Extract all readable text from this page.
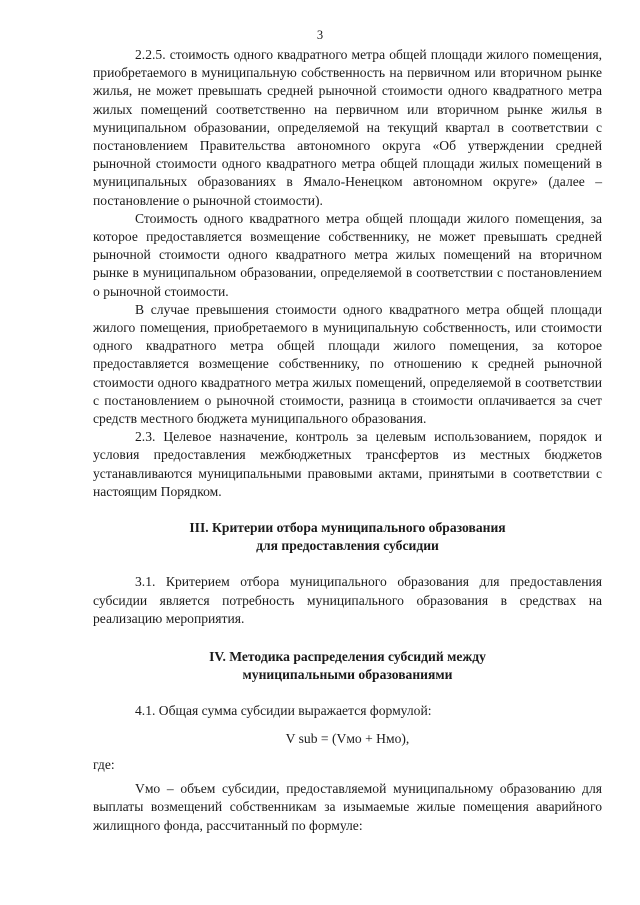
3

2.2.5. стоимость одного квадратного метра общей площади жилого помещения, приобретаемого в муниципальную собственность на первичном или вторичном рынке жилья, не может превышать средней рыночной стоимости одного квадратного метра жилых помещений соответственно на первичном или вторичном рынке жилья в муниципальном образовании, определяемой на текущий квартал в соответствии с постановлением Правительства автономного округа «Об утверждении средней рыночной стоимости одного квадратного метра общей площади жилых помещений в муниципальных образованиях в Ямало-Ненецком автономном округе» (далее – постановление о рыночной стоимости).

Стоимость одного квадратного метра общей площади жилого помещения, за которое предоставляется возмещение собственнику, не может превышать средней рыночной стоимости одного квадратного метра жилых помещений на вторичном рынке в муниципальном образовании, определяемой в соответствии с постановлением о рыночной стоимости.

В случае превышения стоимости одного квадратного метра общей площади жилого помещения, приобретаемого в муниципальную собственность, или стоимости одного квадратного метра общей площади жилого помещения, за которое предоставляется возмещение собственнику, по отношению к средней рыночной стоимости одного квадратного метра жилых помещений, определяемой в соответствии с постановлением о рыночной стоимости, разница в стоимости оплачивается за счет средств местного бюджета муниципального образования.

2.3. Целевое назначение, контроль за целевым использованием, порядок и условия предоставления межбюджетных трансфертов из местных бюджетов устанавливаются муниципальными правовыми актами, принятыми в соответствии с настоящим Порядком.

III. Критерии отбора муниципального образования
для предоставления субсидии

3.1. Критерием отбора муниципального образования для предоставления субсидии является потребность муниципального образования в средствах на реализацию мероприятия.

IV. Методика распределения субсидий между
муниципальными образованиями

4.1. Общая сумма субсидии выражается формулой:

V sub = (Vмо + Нмо),

где:

Vмо – объем субсидии, предоставляемой муниципальному образованию для выплаты возмещений собственникам за изымаемые жилые помещения аварийного жилищного фонда, рассчитанный по формуле:
